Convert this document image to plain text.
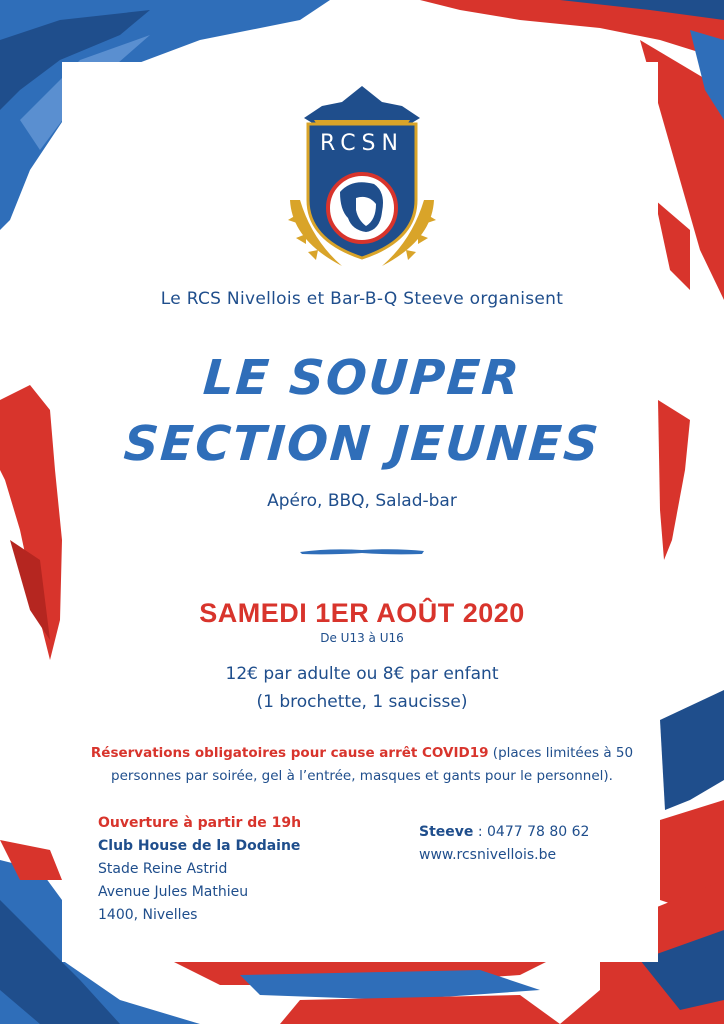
RCSN
Le RCS Nivellois et Bar-B-Q Steeve organisent
LE SOUPER
SECTION JEUNES
Apéro, BBQ, Salad-bar
SAMEDI 1ER AOÛT 2020
De U13 à U16
12€ par adulte ou 8€ par enfant
(1 brochette, 1 saucisse)
Réservations obligatoires pour cause arrêt COVID19 (places limitées à 50 personnes par soirée, gel à l’entrée, masques et gants pour le personnel).
Ouverture à partir de 19h
Club House de la Dodaine
Stade Reine Astrid
Avenue Jules Mathieu
1400, Nivelles
Steeve : 0477 78 80 62
www.rcsnivellois.be
